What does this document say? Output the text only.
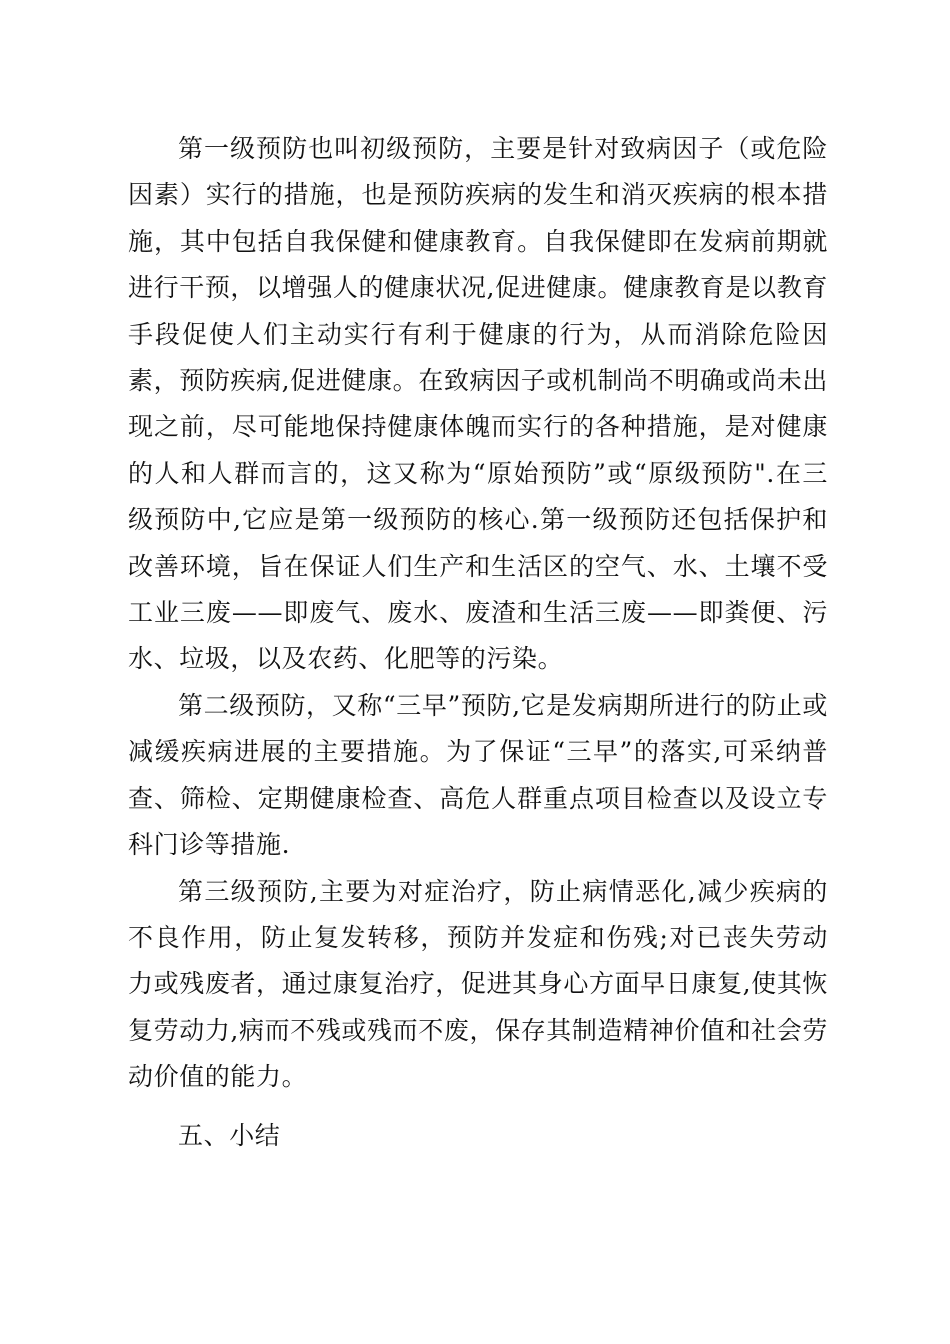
第一级预防也叫初级预防，主要是针对致病因子（或危险因素）实行的措施，也是预防疾病的发生和消灭疾病的根本措施，其中包括自我保健和健康教育。自我保健即在发病前期就进行干预，以增强人的健康状况,促进健康。健康教育是以教育手段促使人们主动实行有利于健康的行为，从而消除危险因素，预防疾病,促进健康。在致病因子或机制尚不明确或尚未出现之前，尽可能地保持健康体魄而实行的各种措施，是对健康的人和人群而言的，这又称为“原始预防”或“原级预防".在三级预防中,它应是第一级预防的核心.第一级预防还包括保护和改善环境，旨在保证人们生产和生活区的空气、水、土壤不受工业三废——即废气、废水、废渣和生活三废——即粪便、污水、垃圾，以及农药、化肥等的污染。

第二级预防，又称“三早”预防,它是发病期所进行的防止或减缓疾病进展的主要措施。为了保证“三早”的落实,可采纳普查、筛检、定期健康检查、高危人群重点项目检查以及设立专科门诊等措施.

第三级预防,主要为对症治疗，防止病情恶化,减少疾病的不良作用，防止复发转移，预防并发症和伤残;对已丧失劳动力或残废者，通过康复治疗，促进其身心方面早日康复,使其恢复劳动力,病而不残或残而不废，保存其制造精神价值和社会劳动价值的能力。

五、小结
